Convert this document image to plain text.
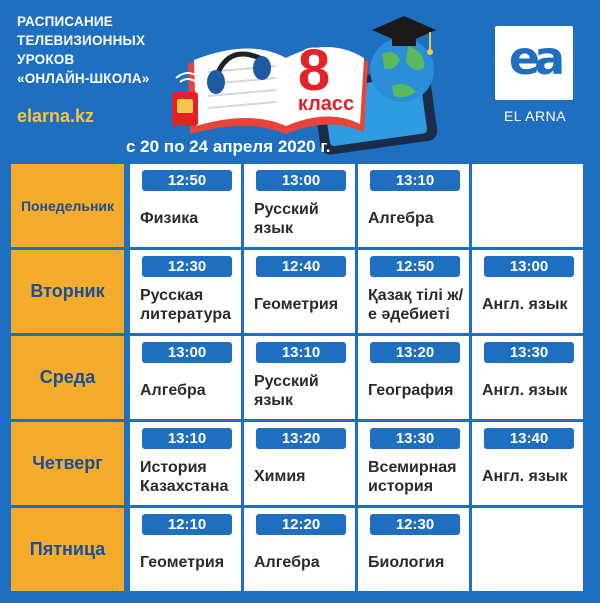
РАСПИСАНИЕ
ТЕЛЕВИЗИОННЫХ
УРОКОВ
«ОНЛАЙН-ШКОЛА»
elarna.kz
8
класс
с 20 по 24 апреля 2020 г.
ea
EL ARNA
Понедельник
12:50
Физика
13:00
Русский язык
13:10
Алгебра
Вторник
12:30
Русская литература
12:40
Геометрия
12:50
Қазақ тілі ж/е әдебиеті
13:00
Англ. язык
Среда
13:00
Алгебра
13:10
Русский язык
13:20
География
13:30
Англ. язык
Четверг
13:10
История Казахстана
13:20
Химия
13:30
Всемирная история
13:40
Англ. язык
Пятница
12:10
Геометрия
12:20
Алгебра
12:30
Биология
